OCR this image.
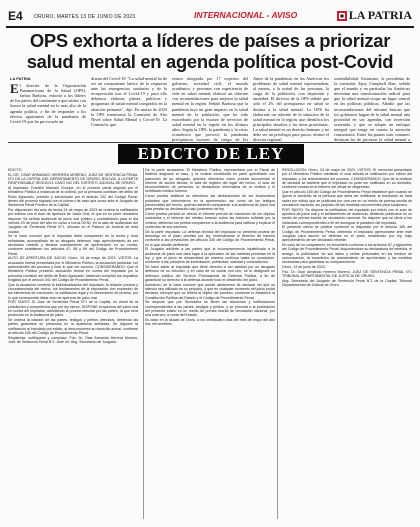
E4 ORURO, MARTES 13 DE JUNIO DE 2023	INTERNACIONAL - AVISO	LA PATRIA
OPS exhorta a líderes de países a priorizar salud mental en agenda política post-Covid
LA PATRIA
E l director de la Organización Panamericana de la Salud (OPS), Jarbas Barbosa, exhortó a los líderes de los países del continente a que sitúen con fuerza la salud mental en lo más alto de la agenda política, a fin de responder a los efectos agravantes de la pandemia de Covid-19 que ha provocado un
drama del Covid-19. "La salud mental ha de ser un componente básico de la respuesta ante las emergencias sanitarias y de la recuperación tras el Covid-19 y para ello debemos elaborar planes, políticas y programas de salud mental integrados en la atención primaria", dijo. En marzo de 2023 la OPS transformó la Comisión de Alto Nivel sobre Salud Mental y Covid-19. La Comisión, que
estuvo integrada por 17 expertos del gobierno, sociedad civil, el mundo académico y personas con experiencia de vida en salud mental, elaboró un informe con recomendaciones para mejorar la salud mental en la región. Señaló Barbosa que la pandemia tuvo un gran impacto en la salud mental de la población, que ha sido exacerbado por la escasez de servicios de salud mental en la región en los últimos años. Según la OPS, la pandemia y la crisis económica que provocó la pandemia precipitaron factores de riesgo de los
Antes de la pandemia, en las Américas los problemas de salud mental representaban, al menos, a la mitad de las personas, la carga de la población, con depresión y ansiedad. El director de la OPS señaló que sólo el 2% del presupuesto en salud se destina a la salud mental. La OPS ha elaborado un informe de la situación de la salud mental en la región, que identifica los principales desafíos y las áreas prioritarias. La salud mental es un derecho humano y no debe ser un privilegio para pocos, afirmó el director regional.
sostenibilidad. Asimismo, la presidenta de la comisión, Epsy Campbell Barr, señaló que el mundo y en particular las Américas necesitan una transformación radical para que la salud mental ocupe un lugar central en las políticas públicas. Añadió que las recomendaciones del informe buscan que los gobiernos hagan de la salud mental una prioridad en sus agendas, con inversión sostenida, y que se adopte un enfoque integral que tenga en cuenta la atención comunitaria. Entre las pautas más comunes destacan las de priorizar la salud mental a
EDICTO DE LEY

EDICTO

EL DR. OSAR ARMANDO HERRERA MORENO, JUEZ DE SENTENCIA PENAL N°1 DE LA CAPITAL DEL DEPARTAMENTO DE ORURO, BOLIVIA, A LA PARTE RESPONSABLE SEGÚN EL CASO NIC DEL DISTRITO JUDICIAL DE ORURO.

Al imputado: Franklin Mamani Choque, en el proceso penal seguido por el Ministerio Público a instancia de la víctima, por la presunta comisión del delito de Robo Agravado, previsto y sancionado por el artículo 332 del Código Penal, dentro del proceso signado con el número de caso que cursa ante el Juzgado de Sentencia Penal Primero de la Capital.

Por disposición del auto de fecha 24 de mayo de 2023 se ordena la notificación por edictos con el Auto de Apertura de Juicio Oral, el que en su parte resolutiva dispone: Se señala audiencia de juicio oral público y contradictorio para el día viernes 23 de junio del año en curso a horas 09:30, en la sala de audiencias del Juzgado de Sentencia Penal N°1, ubicado en el Palacio de Justicia de esta ciudad.

Se le hace conocer que el imputado debe comparecer en la fecha y hora señaladas, acompañado de su abogado defensor, bajo apercibimiento de ser declarado rebelde y librarse mandamiento de aprehensión en su contra, conforme establecen los artículos 87, 88 y 89 del Código de Procedimiento Penal.

AUTO DE APERTURA DE JUICIO: Oruro, 15 de mayo de 2023. VISTOS: La acusación formal presentada por el Ministerio Público, la acusación particular, los antecedentes del proceso y todo lo que ver convino. CONSIDERANDO: Que el Ministerio Público presentó acusación formal en contra del imputado por la presunta comisión del delito de Robo Agravado, habiendo cumplido los requisitos exigidos por el artículo 341 del Código de Procedimiento Penal.

Que la acusación contiene la individualización del imputado, la relación precisa y circunstanciada del hecho, los fundamentos de la imputación con expresión de los elementos de convicción, la calificación legal y el ofrecimiento de prueba, por lo que corresponde dictar auto de apertura de juicio oral.

POR TANTO: El Juez de Sentencia Penal N°1 de la Capital, en virtud de la jurisdicción y competencia que por ley ejerce, DISPONE la apertura del juicio oral en contra del imputado, admitiendo la prueba ofrecida por las partes, la que será producida en la audiencia de juicio.

Se ordena la citación de las partes, testigos y peritos ofrecidos, debiendo las partes garantizar su presencia en la audiencia señalada. Se dispone la notificación al imputado por edicto, al desconocerse su domicilio actual, conforme al artículo 165 del Código de Procedimiento Penal.

Regístrese, notifíquese y cúmplase. Fdo. Dr. Osar Armando Herrera Moreno, Juez de Sentencia Penal N°1. Ante mí: Abg. Secretaria del Juzgado.

De la parte acusadora: El Ministerio Público, representado por el Fiscal de Materia asignado al caso, y la víctima constituida en parte querellante con patrocinio de su abogado, quienes ofrecieron como prueba documental el informe de acción directa, el acta de registro del lugar del hecho, el acta de reconocimiento de personas, la declaración informativa de la víctima y el certificado médico forense.

Como prueba testifical se ofrecieron las declaraciones de los funcionarios policiales que intervinieron en la aprehensión, así como de los testigos presenciales del hecho, quienes deberán comparecer a la audiencia de juicio oral para prestar su declaración bajo juramento de ley.

Como prueba pericial se ofreció el informe pericial de valoración de los objetos sustraídos y el informe del médico forense sobre las lesiones sufridas por la víctima, debiendo los peritos comparecer a la audiencia para ratificar y explicar el contenido de sus informes.

De la parte imputada: La defensa técnica del imputado no presentó prueba de descargo en el plazo previsto por ley, reservándose el derecho de hacerlo conforme a las previsiones del artículo 340 del Código de Procedimiento Penal, en lo que resulte pertinente.

El Juzgado advierte a las partes que la incomparecencia injustificada a la audiencia de juicio oral dará lugar a la aplicación de las medidas previstas en la ley, y que el juicio se desarrollará de manera continua hasta su conclusión, conforme a los principios de inmediación, publicidad, oralidad y contradicción.

Se hace saber al imputado que tiene derecho a ser asistido por un abogado defensor de su elección, y en caso de no contar con uno, se le designará un defensor público del Servicio Plurinacional de Defensa Pública, a fin de garantizar su derecho a la defensa durante todo el desarrollo del juicio.

Asimismo, se le hace conocer que puede abstenerse de declarar sin que su silencio sea utilizado en su perjuicio, y que en cualquier momento del juicio podrá declarar, siempre que se refiera al objeto del proceso, conforme lo establece la Constitución Política del Estado y el Código de Procedimiento Penal.

Se dispone que por Secretaría se libren las citaciones y notificaciones correspondientes a las partes, testigos y peritos, y se proceda a la publicación del presente edicto en un medio de prensa escrita de circulación nacional, por una sola vez, a costa del Estado.

Es dado en la ciudad de Oruro, a los veinticuatro días del mes de mayo del año dos mil veintitrés.

RESOLUCIÓN: Oruro, 24 de mayo de 2023. VISTOS: El memorial presentado por el Ministerio Público mediante el cual solicita la notificación por edicto del imputado, y los antecedentes del proceso. CONSIDERANDO: Que de la revisión de obrados se advierte que el imputado no pudo ser notificado en su domicilio, conforme consta en el informe del oficial de diligencias.

Que el artículo 165 del Código de Procedimiento Penal establece que cuando se ignore el domicilio de la persona que deba ser notificada, la resolución se hará saber por edicto que se publicará por una vez en un medio de prensa escrita de circulación nacional, sin perjuicio de las medidas convenientes para localizarlo.

POR TANTO: Se dispone la notificación del imputado por edicto con el auto de apertura de juicio oral y el señalamiento de audiencia, debiendo publicarse en un medio de prensa escrita de circulación nacional. Se dispone que se oficie a las instancias correspondientes a fin de averiguar el paradero del imputado.

El presente edicto se publica conforme lo dispuesto por el artículo 165 del Código de Procedimiento Penal, debiendo el imputado apersonarse ante este Juzgado para asumir su defensa en el plazo establecido por ley, bajo apercibimiento de ser declarado rebelde.

En caso de no comparecer, se procederá conforme a los artículos 87 y siguientes del Código de Procedimiento Penal, disponiéndose su declaratoria de rebeldía, el arraigo, la publicación de sus datos y señas personales en los medios de comunicación, la expedición de mandamiento de aprehensión y las medidas necesarias para garantizar su comparecencia.

Oruro, 13 de junio de 2023.

Fdo. Dr. Osar Armando Herrera Moreno, JUEZ DE SENTENCIA PENAL N°1 TRIBUNAL DEPARTAMENTAL DE JUSTICIA DE ORURO.

Abg. Secretaria del Juzgado de Sentencia Penal N°1 de la Capital, Tribunal Departamental de Justicia de Oruro.
